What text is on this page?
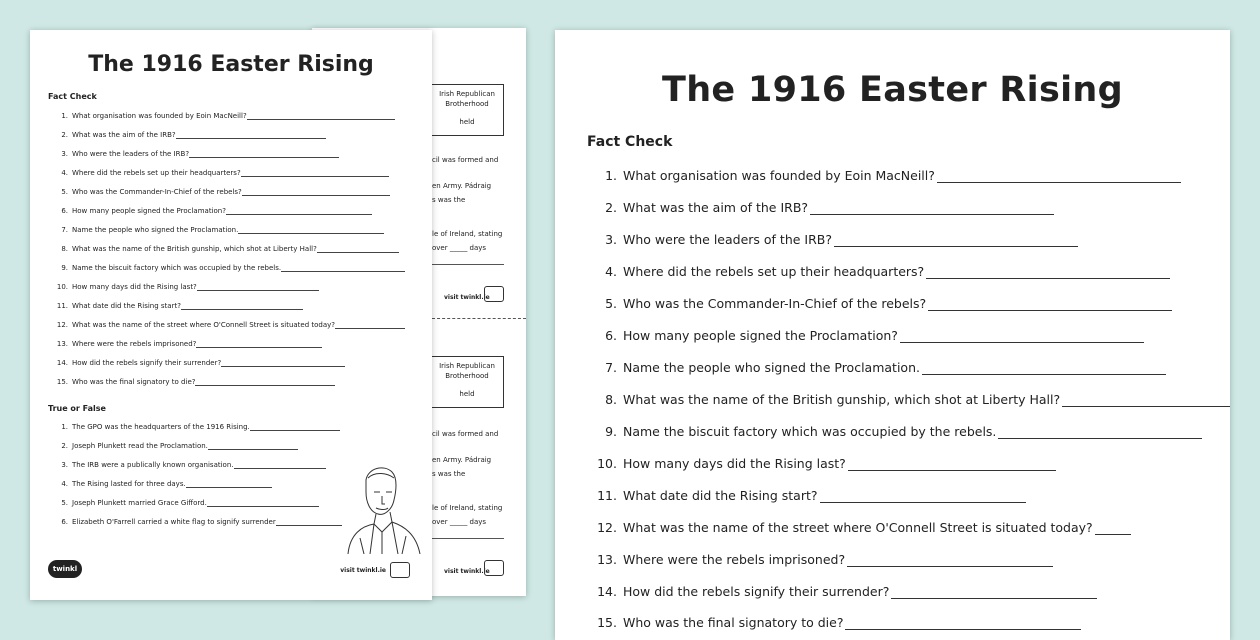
Irish Republican
Brotherhood
held
cil was formed and
en Army. Pádraig
s was the
le of Ireland, stating
over _____ days
visit twinkl.ie
Irish Republican
Brotherhood
held
cil was formed and
en Army. Pádraig
s was the
le of Ireland, stating
over _____ days
visit twinkl.ie
The 1916 Easter Rising
Fact Check
1. What organisation was founded by Eoin MacNeill?
2. What was the aim of the IRB?
3. Who were the leaders of the IRB?
4. Where did the rebels set up their headquarters?
5. Who was the Commander-In-Chief of the rebels?
6. How many people signed the Proclamation?
7. Name the people who signed the Proclamation.
8. What was the name of the British gunship, which shot at Liberty Hall?
9. Name the biscuit factory which was occupied by the rebels.
10. How many days did the Rising last?
11. What date did the Rising start?
12. What was the name of the street where O'Connell Street is situated today?
13. Where were the rebels imprisoned?
14. How did the rebels signify their surrender?
15. Who was the final signatory to die?
True or False
1. The GPO was the headquarters of the 1916 Rising.
2. Joseph Plunkett read the Proclamation.
3. The IRB were a publically known organisation.
4. The Rising lasted for three days.
5. Joseph Plunkett married Grace Gifford.
6. Elizabeth O'Farrell carried a white flag to signify surrender
twinkl	visit twinkl.ie
The 1916 Easter Rising
Fact Check
1. What organisation was founded by Eoin MacNeill?
2. What was the aim of the IRB?
3. Who were the leaders of the IRB?
4. Where did the rebels set up their headquarters?
5. Who was the Commander-In-Chief of the rebels?
6. How many people signed the Proclamation?
7. Name the people who signed the Proclamation.
8. What was the name of the British gunship, which shot at Liberty Hall?
9. Name the biscuit factory which was occupied by the rebels.
10. How many days did the Rising last?
11. What date did the Rising start?
12. What was the name of the street where O'Connell Street is situated today?
13. Where were the rebels imprisoned?
14. How did the rebels signify their surrender?
15. Who was the final signatory to die?
